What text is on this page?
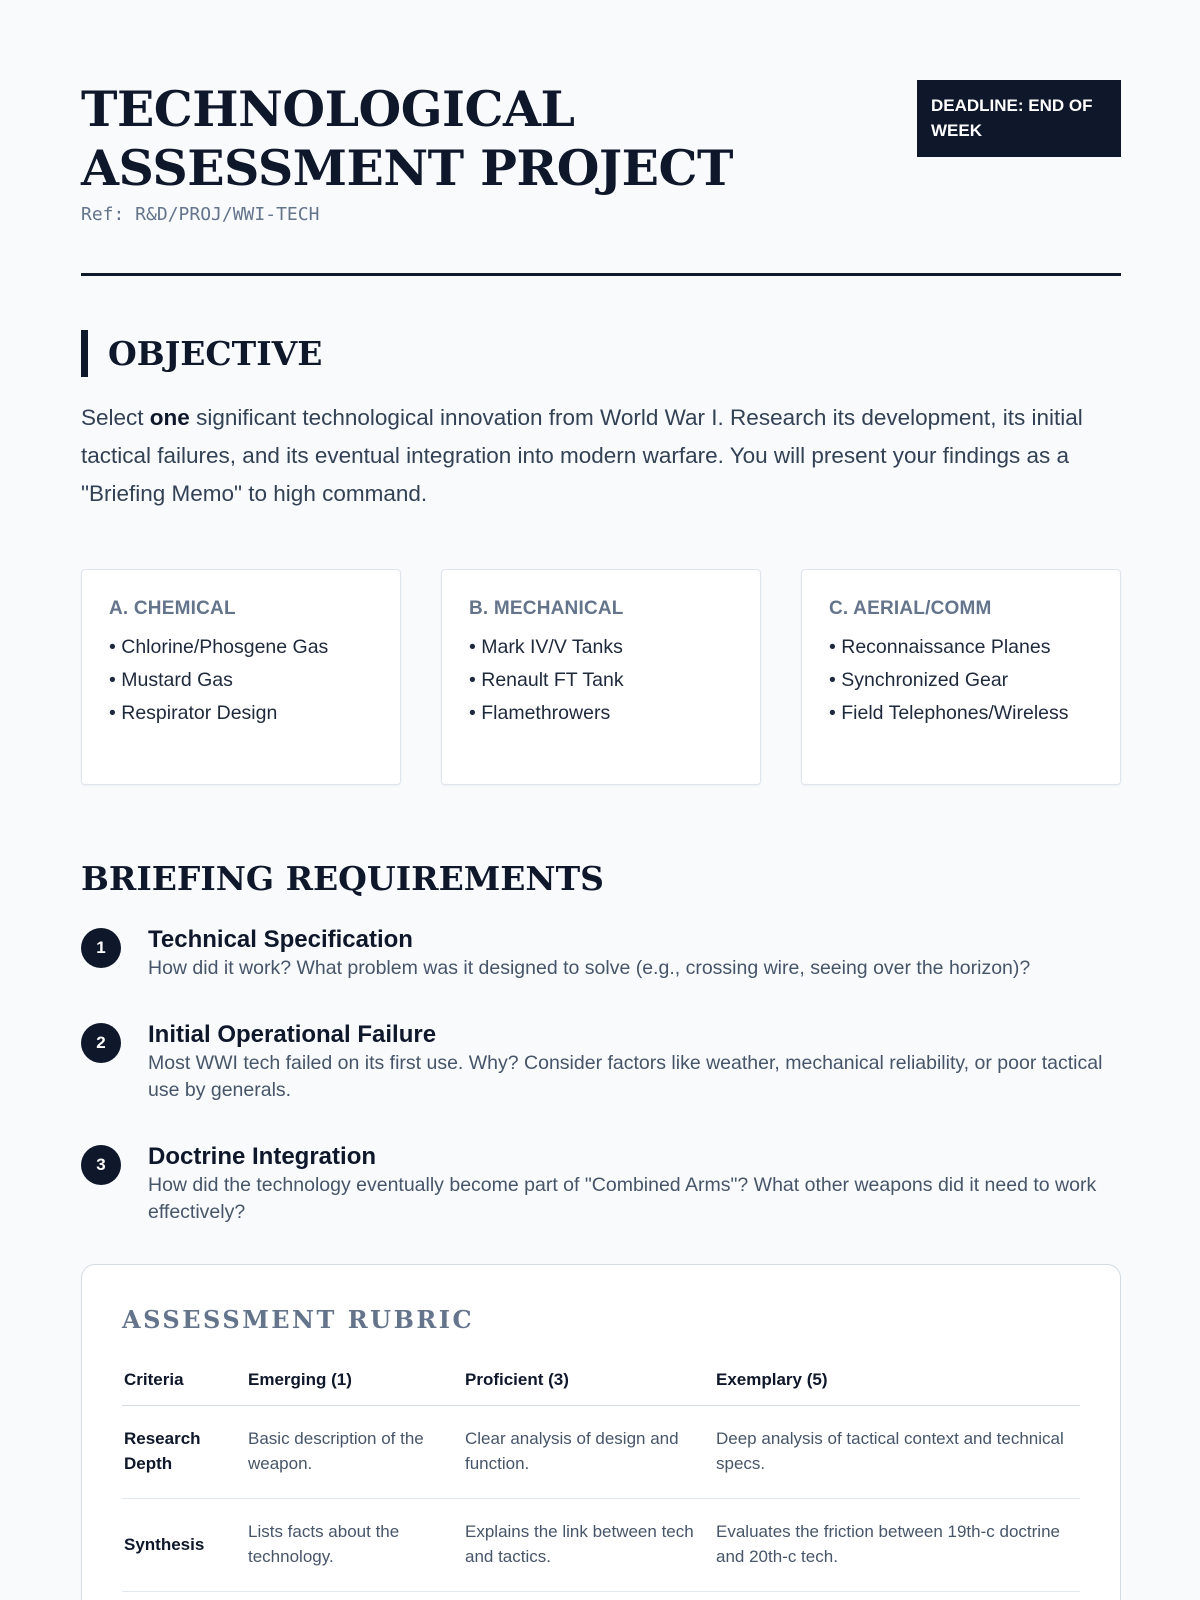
TECHNOLOGICAL ASSESSMENT PROJECT
Ref: R&D/PROJ/WWI-TECH
DEADLINE: END OF WEEK
OBJECTIVE

Select one significant technological innovation from World War I. Research its development, its initial tactical failures, and its eventual integration into modern warfare. You will present your findings as a "Briefing Memo" to high command.

A. CHEMICAL
• Chlorine/Phosgene Gas
• Mustard Gas
• Respirator Design
B. MECHANICAL
• Mark IV/V Tanks
• Renault FT Tank
• Flamethrowers
C. AERIAL/COMM
• Reconnaissance Planes
• Synchronized Gear
• Field Telephones/Wireless
BRIEFING REQUIREMENTS
1	Technical Specification
How did it work? What problem was it designed to solve (e.g., crossing wire, seeing over the horizon)?
2	Initial Operational Failure
Most WWI tech failed on its first use. Why? Consider factors like weather, mechanical reliability, or poor tactical use by generals.
3	Doctrine Integration
How did the technology eventually become part of "Combined Arms"? What other weapons did it need to work effectively?
ASSESSMENT RUBRIC
Criteria	Emerging (1)	Proficient (3)	Exemplary (5)
Research Depth	Basic description of the weapon.	Clear analysis of design and function.	Deep analysis of tactical context and technical specs.
Synthesis	Lists facts about the technology.	Explains the link between tech and tactics.	Evaluates the friction between 19th-c doctrine and 20th-c tech.
